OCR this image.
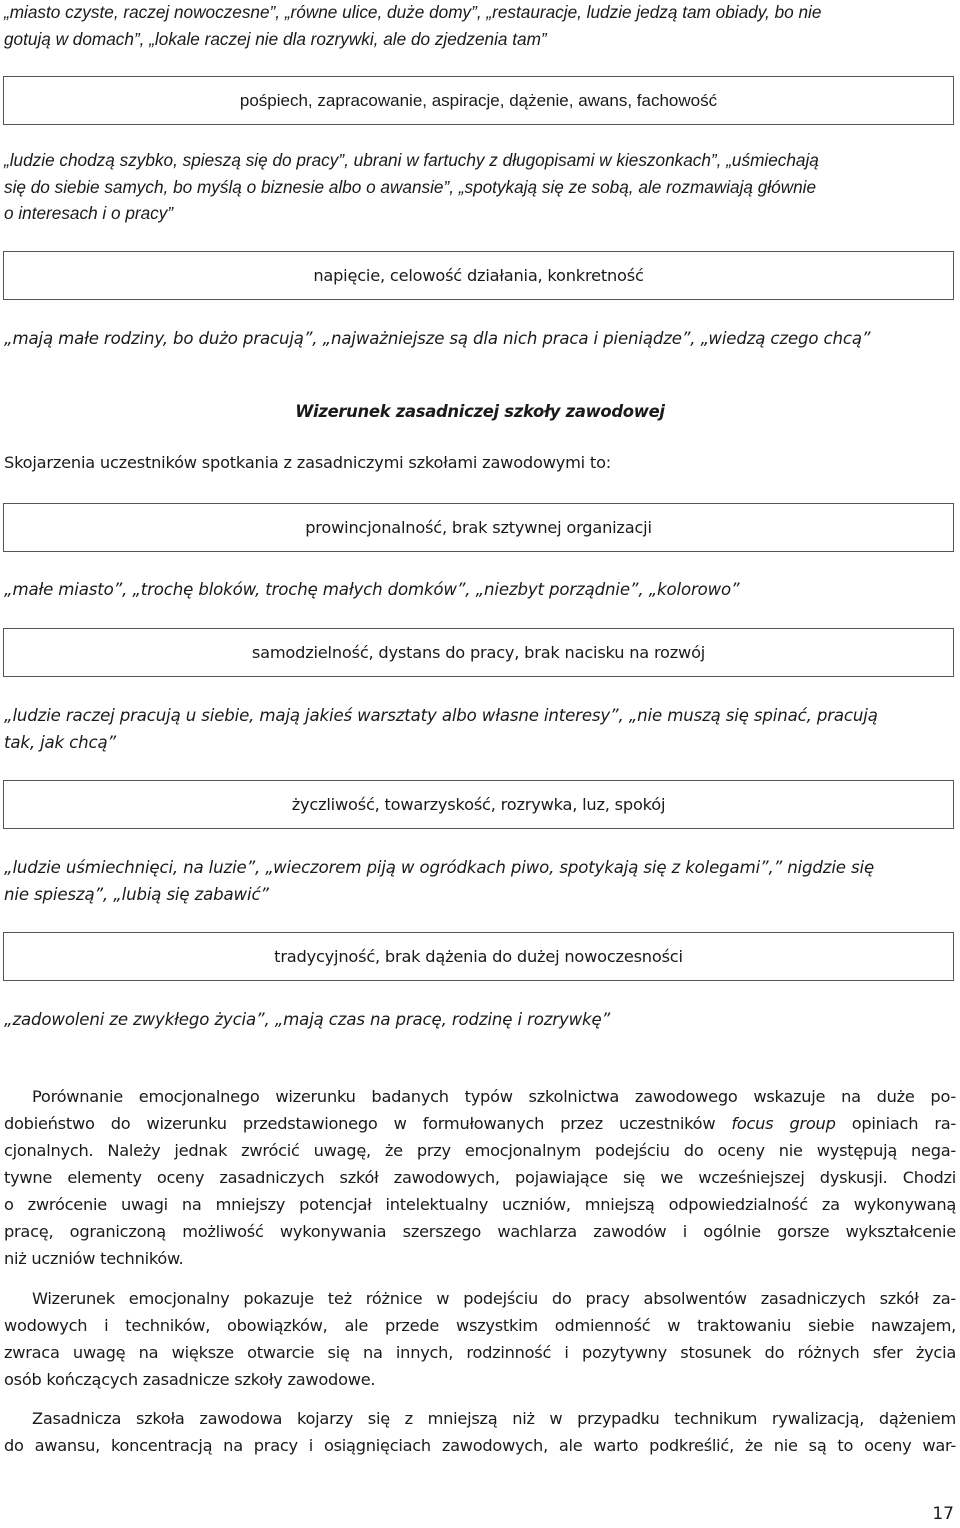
„miasto czyste, raczej nowoczesne”, „równe ulice, duże domy”, „restauracje, ludzie jedzą tam obiady, bo nie
gotują w domach”, „lokale raczej nie dla rozrywki, ale do zjedzenia tam”

pośpiech, zapracowanie, aspiracje, dążenie, awans, fachowość

„ludzie chodzą szybko, spieszą się do pracy”, ubrani w fartuchy z długopisami w kieszonkach”, „uśmiechają
się do siebie samych, bo myślą o biznesie albo o awansie”, „spotykają się ze sobą, ale rozmawiają głównie
o interesach i o pracy”

napięcie, celowość działania, konkretność

„mają małe rodziny, bo dużo pracują”, „najważniejsze są dla nich praca i pieniądze”, „wiedzą czego chcą”

Wizerunek zasadniczej szkoły zawodowej

Skojarzenia uczestników spotkania z zasadniczymi szkołami zawodowymi to:

prowincjonalność, brak sztywnej organizacji

„małe miasto”, „trochę bloków, trochę małych domków”, „niezbyt porządnie”, „kolorowo”

samodzielność, dystans do pracy, brak nacisku na rozwój

„ludzie raczej pracują u siebie, mają jakieś warsztaty albo własne interesy”, „nie muszą się spinać, pracują
tak, jak chcą”

życzliwość, towarzyskość, rozrywka, luz, spokój

„ludzie uśmiechnięci, na luzie”, „wieczorem piją w ogródkach piwo, spotykają się z kolegami”,” nigdzie się
nie spieszą”, „lubią się zabawić”

tradycyjność, brak dążenia do dużej nowoczesności

„zadowoleni ze zwykłego życia”, „mają czas na pracę, rodzinę i rozrywkę”

Porównanie emocjonalnego wizerunku badanych typów szkolnictwa zawodowego wskazuje na duże po-
dobieństwo do wizerunku przedstawionego w formułowanych przez uczestników focus group opiniach ra-
cjonalnych. Należy jednak zwrócić uwagę, że przy emocjonalnym podejściu do oceny nie występują nega-
tywne elementy oceny zasadniczych szkół zawodowych, pojawiające się we wcześniejszej dyskusji. Chodzi
o zwrócenie uwagi na mniejszy potencjał intelektualny uczniów, mniejszą odpowiedzialność za wykonywaną
pracę, ograniczoną możliwość wykonywania szerszego wachlarza zawodów i ogólnie gorsze wykształcenie
niż uczniów techników.
Wizerunek emocjonalny pokazuje też różnice w podejściu do pracy absolwentów zasadniczych szkół za-
wodowych i techników, obowiązków, ale przede wszystkim odmienność w traktowaniu siebie nawzajem,
zwraca uwagę na większe otwarcie się na innych, rodzinność i pozytywny stosunek do różnych sfer życia
osób kończących zasadnicze szkoły zawodowe.
Zasadnicza szkoła zawodowa kojarzy się z mniejszą niż w przypadku technikum rywalizacją, dążeniem
do awansu, koncentracją na pracy i osiągnięciach zawodowych, ale warto podkreślić, że nie są to oceny war-

17
